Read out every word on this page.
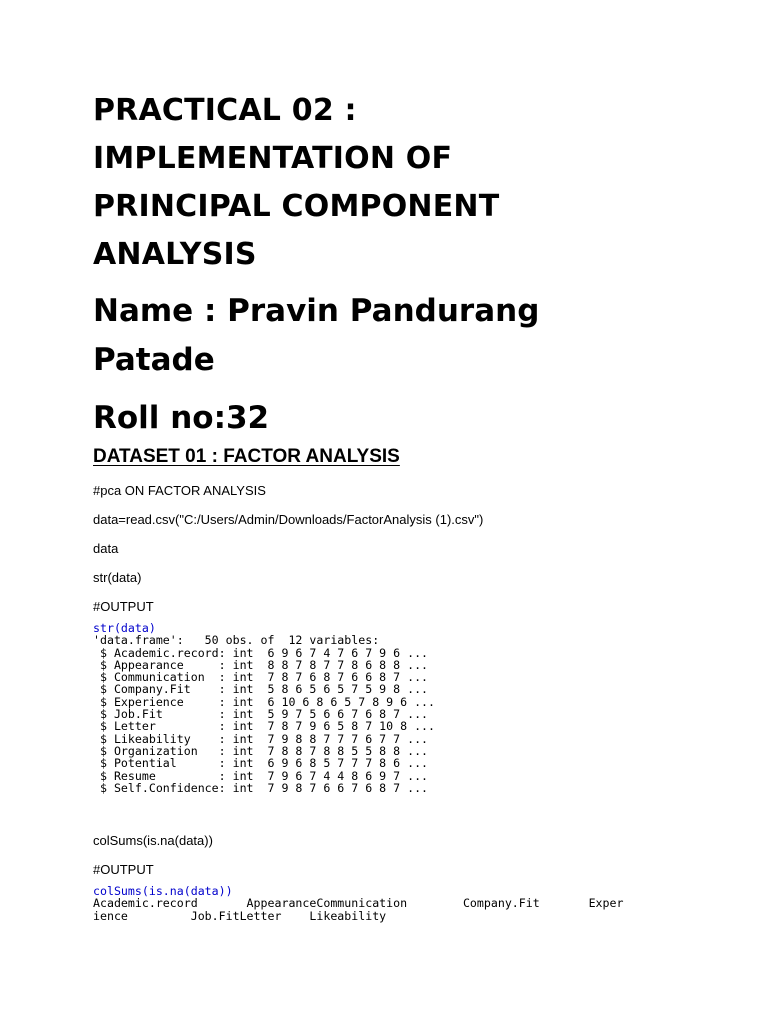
PRACTICAL 02 :
IMPLEMENTATION OF
PRINCIPAL COMPONENT
ANALYSIS
Name : Pravin Pandurang
Patade
Roll no:32
DATASET 01 : FACTOR ANALYSIS

#pca ON FACTOR ANALYSIS

data=read.csv("C:/Users/Admin/Downloads/FactorAnalysis (1).csv")

data

str(data)

#OUTPUT

str(data)
'data.frame':   50 obs. of  12 variables:
$ Academic.record: int  6 9 6 7 4 7 6 7 9 6 ...
$ Appearance     : int  8 8 7 8 7 7 8 6 8 8 ...
$ Communication  : int  7 8 7 6 8 7 6 6 8 7 ...
$ Company.Fit    : int  5 8 6 5 6 5 7 5 9 8 ...
$ Experience     : int  6 10 6 8 6 5 7 8 9 6 ...
$ Job.Fit        : int  5 9 7 5 6 6 7 6 8 7 ...
$ Letter         : int  7 8 7 9 6 5 8 7 10 8 ...
$ Likeability    : int  7 9 8 8 7 7 7 6 7 7 ...
$ Organization   : int  7 8 8 7 8 8 5 5 8 8 ...
$ Potential      : int  6 9 6 8 5 7 7 7 8 6 ...
$ Resume         : int  7 9 6 7 4 4 8 6 9 7 ...
$ Self.Confidence: int  7 9 8 7 6 6 7 6 8 7 ...

colSums(is.na(data))

#OUTPUT

colSums(is.na(data))
Academic.record       AppearanceCommunication        Company.Fit       Exper
ience         Job.FitLetter    Likeability
